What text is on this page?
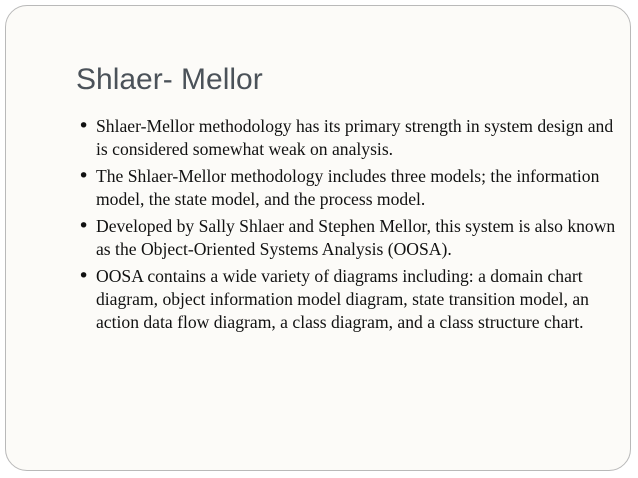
Shlaer- Mellor
• Shlaer-Mellor methodology has its primary strength in system design and is considered somewhat weak on analysis.
• The Shlaer-Mellor methodology includes three models; the information model, the state model, and the process model.
• Developed by Sally Shlaer and Stephen Mellor, this system is also known as the Object-Oriented Systems Analysis (OOSA).
• OOSA contains a wide variety of diagrams including: a domain chart diagram, object information model diagram, state transition model, an action data flow diagram, a class diagram, and a class structure chart.
